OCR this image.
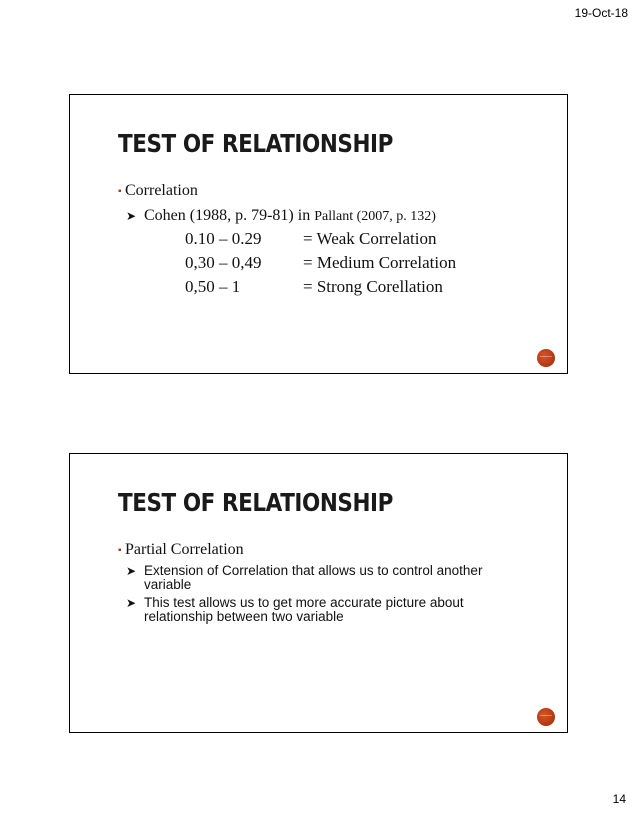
19-Oct-18
TEST OF RELATIONSHIP
▪ Correlation
➤ Cohen (1988, p. 79-81) in Pallant (2007, p. 132)
0.10 – 0.29 = Weak Correlation
0,30 – 0,49 = Medium Correlation
0,50 – 1	= Strong Corellation
TEST OF RELATIONSHIP
▪ Partial Correlation
➤ Extension of Correlation that allows us to control another variable
➤ This test allows us to get more accurate picture about relationship between two variable
14
